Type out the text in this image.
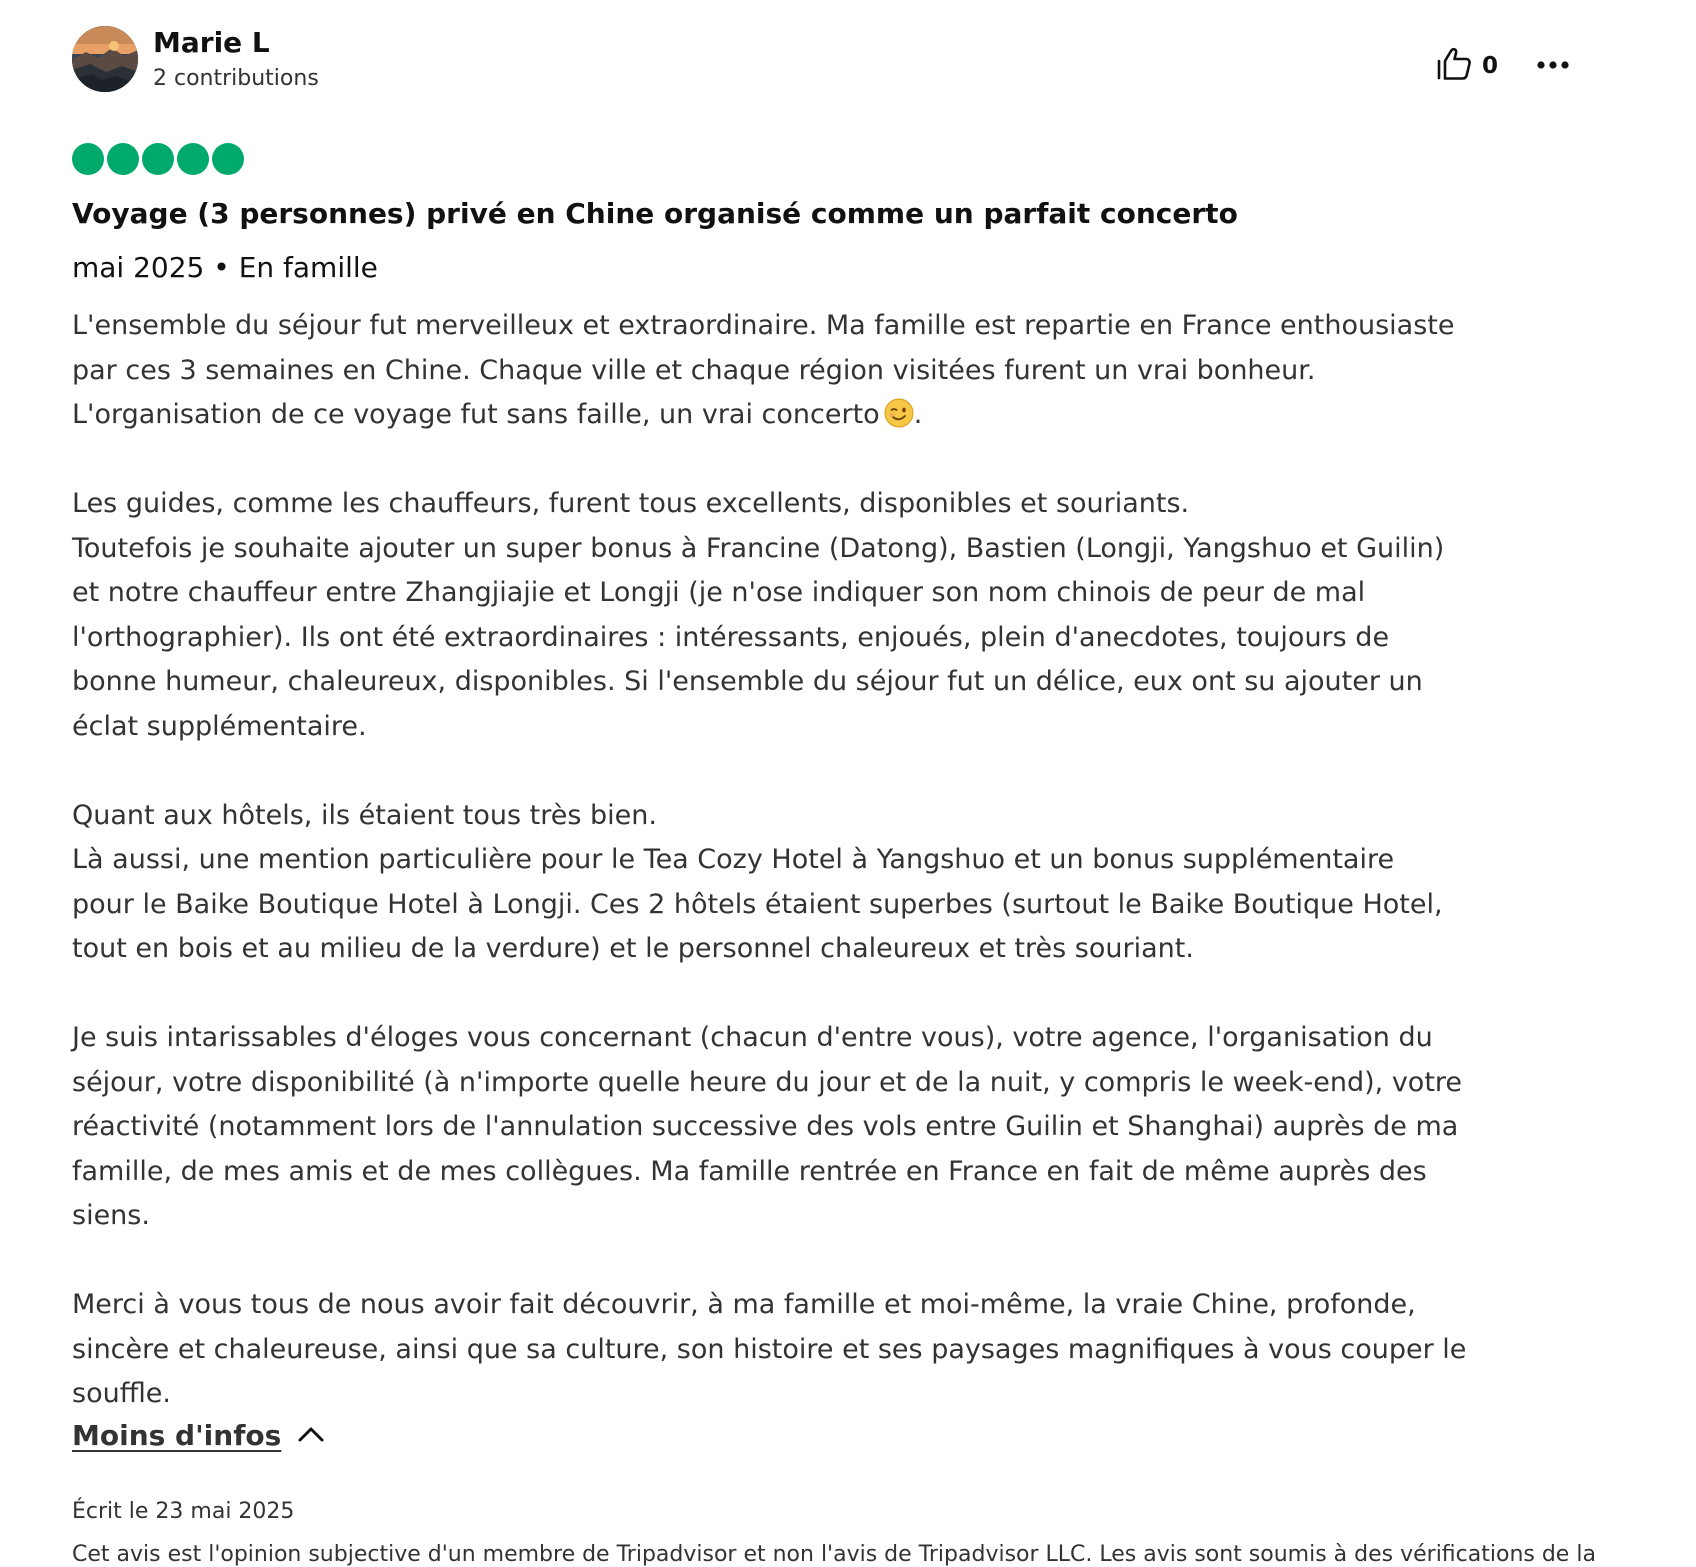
Marie L
2 contributions	0
Voyage (3 personnes) privé en Chine organisé comme un parfait concerto
mai 2025 • En famille

L'ensemble du séjour fut merveilleux et extraordinaire. Ma famille est repartie en France enthousiaste
par ces 3 semaines en Chine. Chaque ville et chaque région visitées furent un vrai bonheur.
L'organisation de ce voyage fut sans faille, un vrai concerto .

Les guides, comme les chauffeurs, furent tous excellents, disponibles et souriants.
Toutefois je souhaite ajouter un super bonus à Francine (Datong), Bastien (Longji, Yangshuo et Guilin)
et notre chauffeur entre Zhangjiajie et Longji (je n'ose indiquer son nom chinois de peur de mal
l'orthographier). Ils ont été extraordinaires : intéressants, enjoués, plein d'anecdotes, toujours de
bonne humeur, chaleureux, disponibles. Si l'ensemble du séjour fut un délice, eux ont su ajouter un
éclat supplémentaire.

Quant aux hôtels, ils étaient tous très bien.
Là aussi, une mention particulière pour le Tea Cozy Hotel à Yangshuo et un bonus supplémentaire
pour le Baike Boutique Hotel à Longji. Ces 2 hôtels étaient superbes (surtout le Baike Boutique Hotel,
tout en bois et au milieu de la verdure) et le personnel chaleureux et très souriant.

Je suis intarissables d'éloges vous concernant (chacun d'entre vous), votre agence, l'organisation du
séjour, votre disponibilité (à n'importe quelle heure du jour et de la nuit, y compris le week-end), votre
réactivité (notamment lors de l'annulation successive des vols entre Guilin et Shanghai) auprès de ma
famille, de mes amis et de mes collègues. Ma famille rentrée en France en fait de même auprès des
siens.

Merci à vous tous de nous avoir fait découvrir, à ma famille et moi-même, la vraie Chine, profonde,
sincère et chaleureuse, ainsi que sa culture, son histoire et ses paysages magnifiques à vous couper le
souffle.

Moins d'infos
Écrit le 23 mai 2025
Cet avis est l'opinion subjective d'un membre de Tripadvisor et non l'avis de Tripadvisor LLC. Les avis sont soumis à des vérifications de la
